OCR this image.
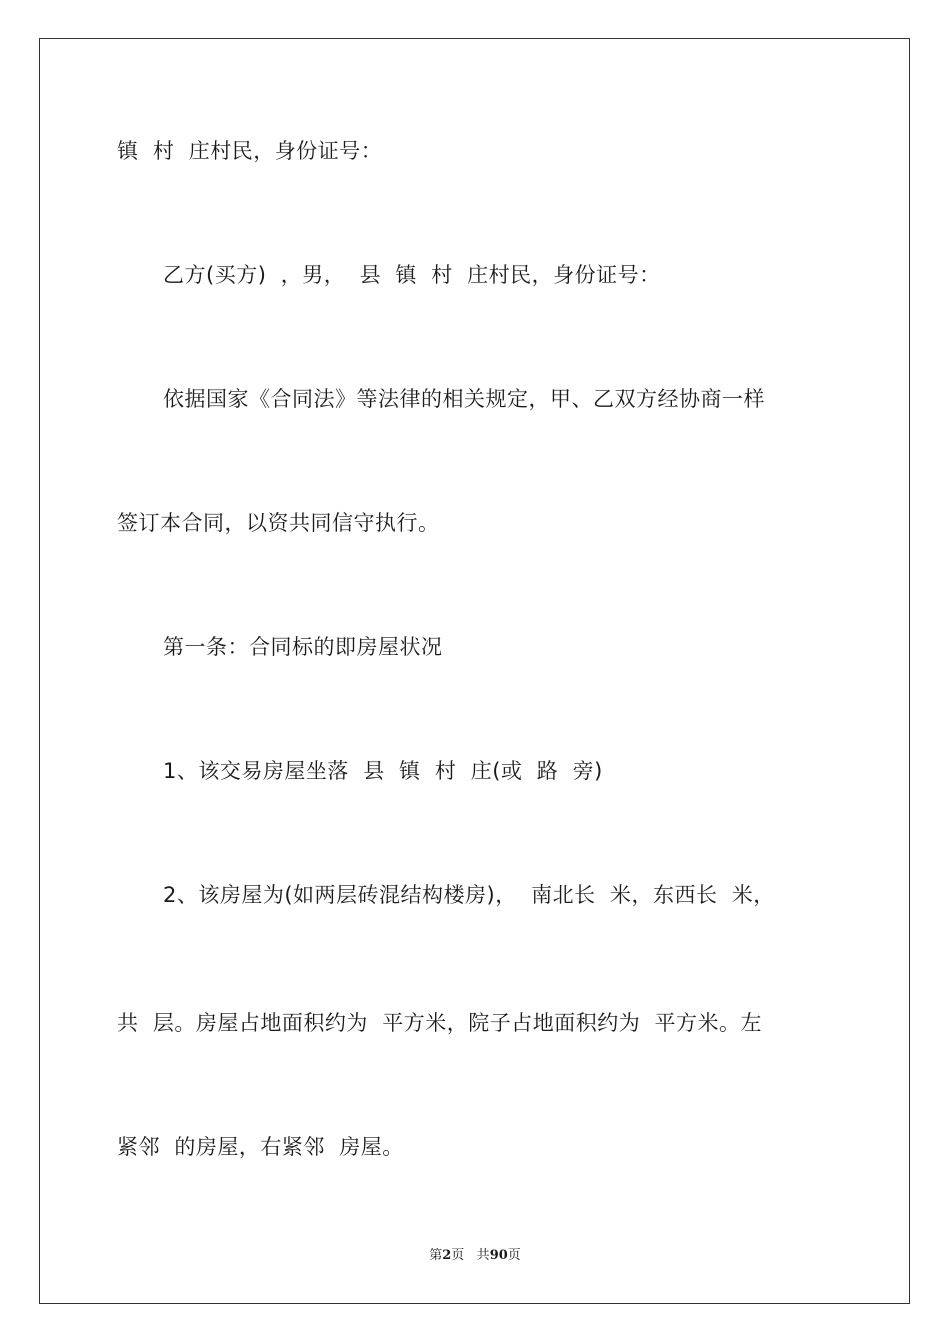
镇  村  庄村民，身份证号：
乙方(买方)  ，男，  县  镇  村  庄村民，身份证号：
依据国家《合同法》等法律的相关规定，甲、乙双方经协商一样
签订本合同，以资共同信守执行。
第一条：合同标的即房屋状况
1、该交易房屋坐落  县  镇  村  庄(或  路  旁)
2、该房屋为(如两层砖混结构楼房)，  南北长  米，东西长  米，
共  层。房屋占地面积约为  平方米，院子占地面积约为  平方米。左
紧邻  的房屋，右紧邻  房屋。
第2页 共90页
